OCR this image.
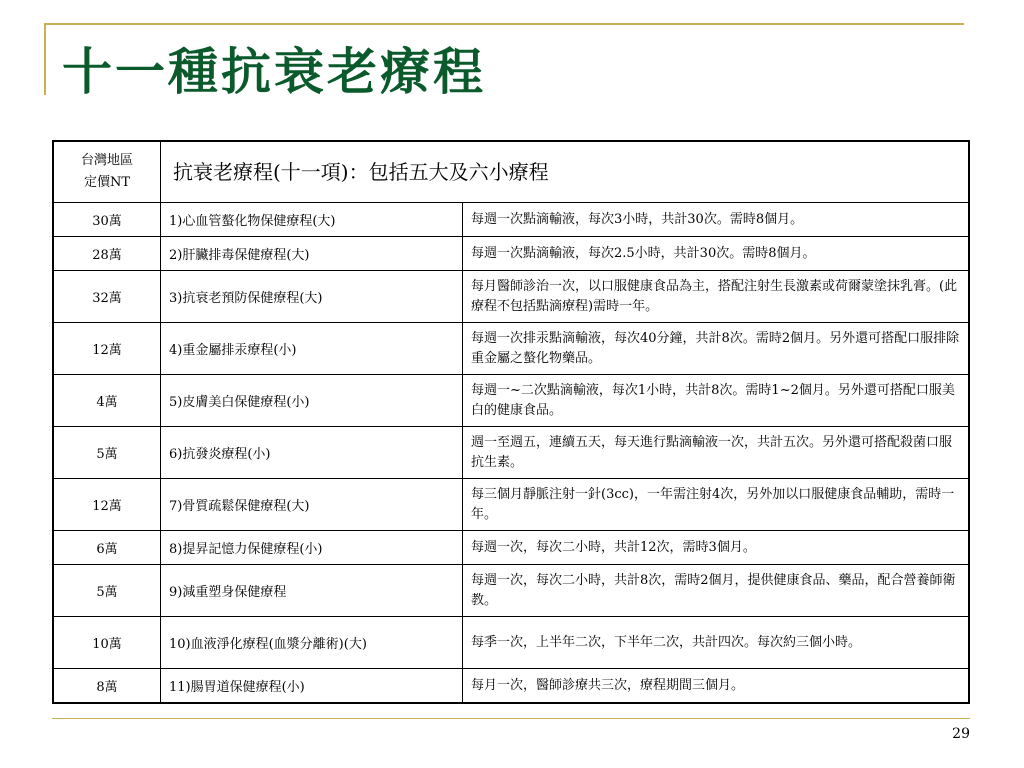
十一種抗衰老療程
台灣地區
定價NT	抗衰老療程(十一項)：包括五大及六小療程	
30萬	1)心血管螯化物保健療程(大)	每週一次點滴輸液，每次3小時，共計30次。需時8個月。
28萬	2)肝臟排毒保健療程(大)	每週一次點滴輸液，每次2.5小時，共計30次。需時8個月。
32萬	3)抗衰老預防保健療程(大)	每月醫師診治一次，以口服健康食品為主，搭配注射生長激素或荷爾蒙塗抹乳膏。(此療程不包括點滴療程)需時一年。
12萬	4)重金屬排汞療程(小)	每週一次排汞點滴輸液，每次40分鐘，共計8次。需時2個月。另外還可搭配口服排除重金屬之螯化物藥品。
4萬	5)皮膚美白保健療程(小)	每週一~二次點滴輸液，每次1小時，共計8次。需時1~2個月。另外還可搭配口服美白的健康食品。
5萬	6)抗發炎療程(小)	週一至週五，連續五天，每天進行點滴輸液一次，共計五次。另外還可搭配殺菌口服抗生素。
12萬	7)骨質疏鬆保健療程(大)	每三個月靜脈注射一針(3cc)，一年需注射4次，另外加以口服健康食品輔助，需時一年。
6萬	8)提昇記憶力保健療程(小)	每週一次，每次二小時，共計12次，需時3個月。
5萬	9)減重塑身保健療程	每週一次，每次二小時，共計8次，需時2個月，提供健康食品、藥品，配合營養師衛教。
10萬	10)血液淨化療程(血漿分離術)(大)	每季一次，上半年二次，下半年二次，共計四次。每次約三個小時。
8萬	11)腸胃道保健療程(小)	每月一次，醫師診療共三次，療程期間三個月。
29
